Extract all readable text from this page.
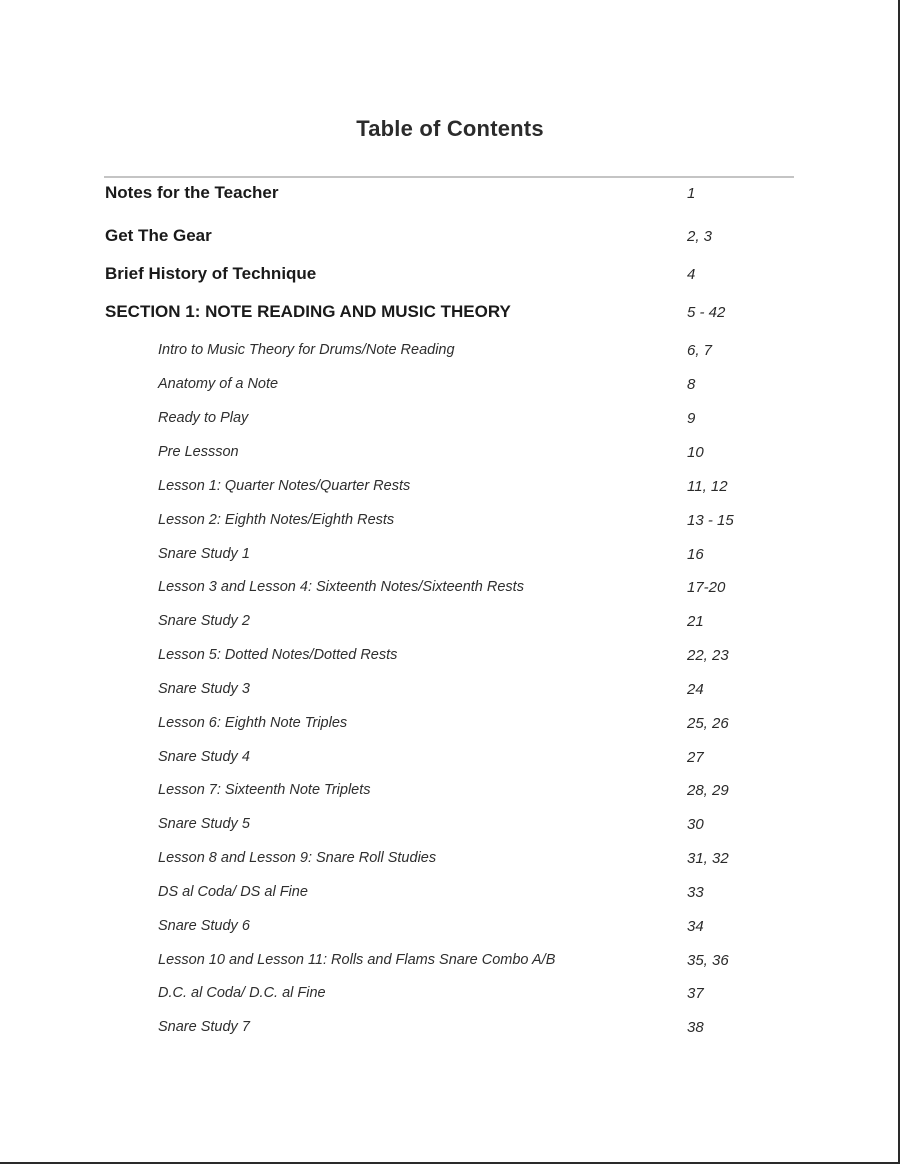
Table of Contents
Notes for the Teacher	1
Get The Gear	2, 3
Brief History of Technique	4
SECTION 1: NOTE READING AND MUSIC THEORY	5 - 42
Intro to Music Theory for Drums/Note Reading	6, 7
Anatomy of a Note	8
Ready to Play	9
Pre Lessson	10
Lesson 1: Quarter Notes/Quarter Rests	11, 12
Lesson 2: Eighth Notes/Eighth Rests	13 - 15
Snare Study 1	16
Lesson 3 and Lesson 4: Sixteenth Notes/Sixteenth Rests	17-20
Snare Study 2	21
Lesson 5: Dotted Notes/Dotted Rests	22, 23
Snare Study 3	24
Lesson 6: Eighth Note Triples	25, 26
Snare Study 4	27
Lesson 7: Sixteenth Note Triplets	28, 29
Snare Study 5	30
Lesson 8 and Lesson 9: Snare Roll Studies	31, 32
DS al Coda/ DS al Fine	33
Snare Study 6	34
Lesson 10 and Lesson 11: Rolls and Flams Snare Combo A/B	35, 36
D.C. al Coda/ D.C. al Fine	37
Snare Study 7	38
